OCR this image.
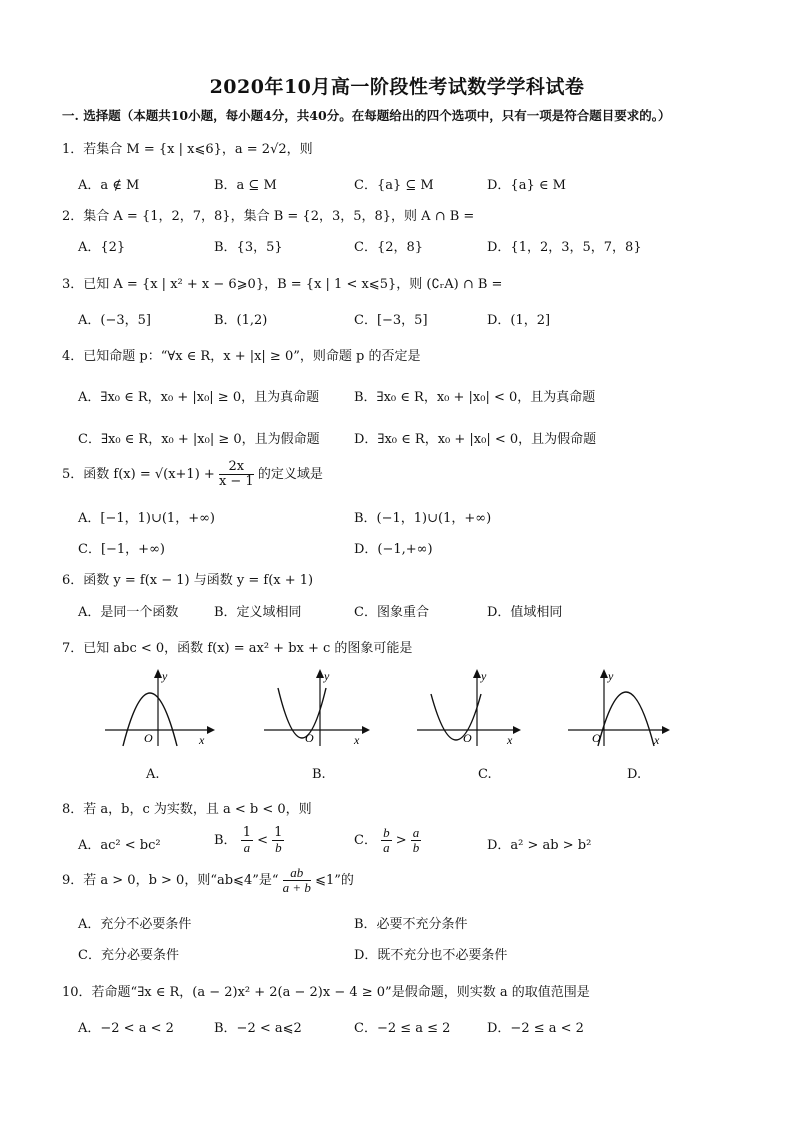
2020年10月高一阶段性考试数学学科试卷
一. 选择题（本题共10小题，每小题4分，共40分。在每题给出的四个选项中，只有一项是符合题目要求的。）
1．若集合 M = {x | x⩽6}，a = 2√2，则
A．a ∉ M	B．a ⊆ M	C．{a} ⊆ M	D．{a} ∈ M
2．集合 A = {1，2，7，8}，集合 B = {2，3，5，8}，则 A ∩ B =
A．{2}	B．{3，5}	C．{2，8}	D．{1，2，3，5，7，8}
3．已知 A = {x | x² + x − 6⩾0}，B = {x | 1 < x⩽5}，则 (∁ᵣA) ∩ B =
A．(−3，5]	B．(1,2)	C．[−3，5]	D．(1，2]
4．已知命题 p：“∀x ∈ R，x + |x| ≥ 0”，则命题 p 的否定是
A．∃x₀ ∈ R，x₀ + |x₀| ≥ 0，且为真命题	B．∃x₀ ∈ R，x₀ + |x₀| < 0，且为真命题
C．∃x₀ ∈ R，x₀ + |x₀| ≥ 0，且为假命题	D．∃x₀ ∈ R，x₀ + |x₀| < 0，且为假命题
5．函数 $f(x) = √(x+1) + \frac{2x}{x - 1}$ 的定义域是
A．[−1，1)∪(1，+∞)	B．(−1，1)∪(1，+∞)
C．[−1，+∞)	D．(−1,+∞)
6．函数 y = f(x − 1) 与函数 y = f(x + 1)
A．是同一个函数	B．定义域相同	C．图象重合	D．值域相同
7．已知 abc < 0，函数 f(x) = ax² + bx + c 的图象可能是
y
x
O
A.
y
x
O
B.
y
x
O
C.
y
x
O
D.
8．若 a，b，c 为实数，且 a < b < 0，则
A．ac² < bc²	B． $\frac{1}{a} < \frac{1}{b}$	C． $\frac{b}{a} > \frac{a}{b}$	D．a² > ab > b²
9．若 a > 0，b > 0，则“ab⩽4”是“ $\frac{ab}{a + b}$ ⩽1”的
A．充分不必要条件	B．必要不充分条件
C．充分必要条件	D．既不充分也不必要条件
10．若命题“∃x ∈ R，(a − 2)x² + 2(a − 2)x − 4 ≥ 0”是假命题，则实数 a 的取值范围是
A．−2 < a < 2	B．−2 < a⩽2	C．−2 ≤ a ≤ 2	D．−2 ≤ a < 2
